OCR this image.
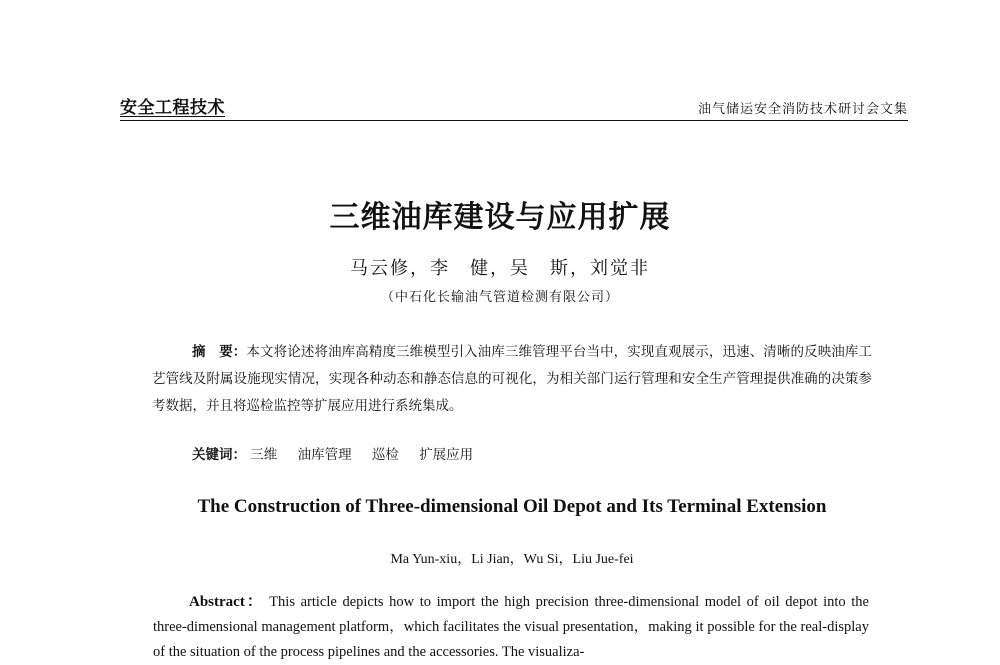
安全工程技术	油气储运安全消防技术研讨会文集
三维油库建设与应用扩展
马云修，李　健，吴　斯，刘觉非
（中石化长输油气管道检测有限公司）
摘　要：本文将论述将油库高精度三维模型引入油库三维管理平台当中，实现直观展示，迅速、清晰的反映油库工艺管线及附属设施现实情况，实现各种动态和静态信息的可视化，为相关部门运行管理和安全生产管理提供准确的决策参考数据，并且将巡检监控等扩展应用进行系统集成。
关键词： 三维 油库管理 巡检 扩展应用
The Construction of Three-dimensional Oil Depot and Its Terminal Extension
Ma Yun-xiu，Li Jian，Wu Si，Liu Jue-fei
Abstract： This article depicts how to import the high precision three-dimensional model of oil depot into the three-dimensional management platform，which facilitates the visual presentation，making it possible for the real-display of the situation of the process pipelines and the accessories. The visualiza-
